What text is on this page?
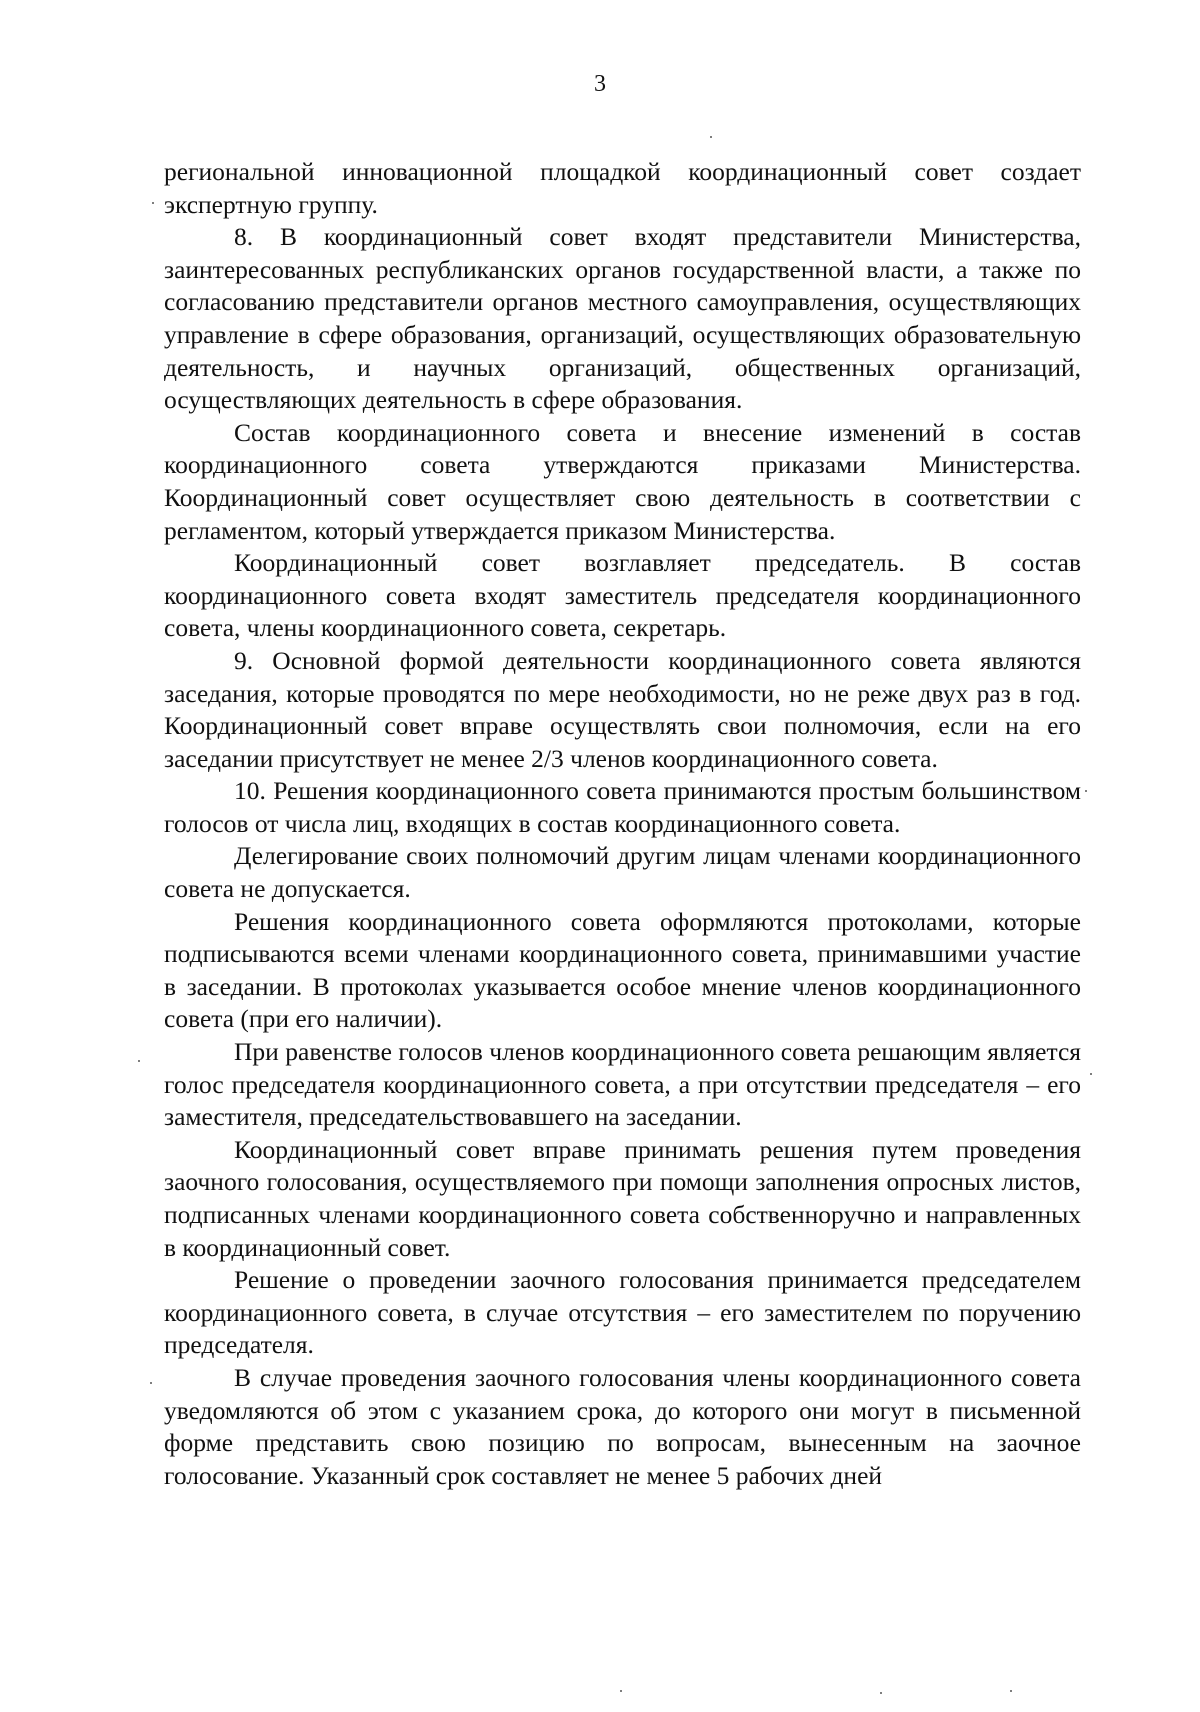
3

региональной инновационной площадкой координационный совет создает экспертную группу.

8. В координационный совет входят представители Министерства, заинтересованных республиканских органов государственной власти, а также по согласованию представители органов местного самоуправления, осуществляющих управление в сфере образования, организаций, осуществляющих образовательную деятельность, и научных организаций, общественных организаций, осуществляющих деятельность в сфере образования.

Состав координационного совета и внесение изменений в состав координационного совета утверждаются приказами Министерства. Координационный совет осуществляет свою деятельность в соответствии с регламентом, который утверждается приказом Министерства.

Координационный совет возглавляет председатель. В состав координационного совета входят заместитель председателя координационного совета, члены координационного совета, секретарь.

9. Основной формой деятельности координационного совета являются заседания, которые проводятся по мере необходимости, но не реже двух раз в год. Координационный совет вправе осуществлять свои полномочия, если на его заседании присутствует не менее 2/3 членов координационного совета.

10. Решения координационного совета принимаются простым большинством голосов от числа лиц, входящих в состав координационного совета.

Делегирование своих полномочий другим лицам членами координационного совета не допускается.

Решения координационного совета оформляются протоколами, которые подписываются всеми членами координационного совета, принимавшими участие в заседании. В протоколах указывается особое мнение членов координационного совета (при его наличии).

При равенстве голосов членов координационного совета решающим является голос председателя координационного совета, а при отсутствии председателя – его заместителя, председательствовавшего на заседании.

Координационный совет вправе принимать решения путем проведения заочного голосования, осуществляемого при помощи заполнения опросных листов, подписанных членами координационного совета собственноручно и направленных в координационный совет.

Решение о проведении заочного голосования принимается председателем координационного совета, в случае отсутствия – его заместителем по поручению председателя.

В случае проведения заочного голосования члены координационного совета уведомляются об этом с указанием срока, до которого они могут в письменной форме представить свою позицию по вопросам, вынесенным на заочное голосование. Указанный срок составляет не менее 5 рабочих дней
